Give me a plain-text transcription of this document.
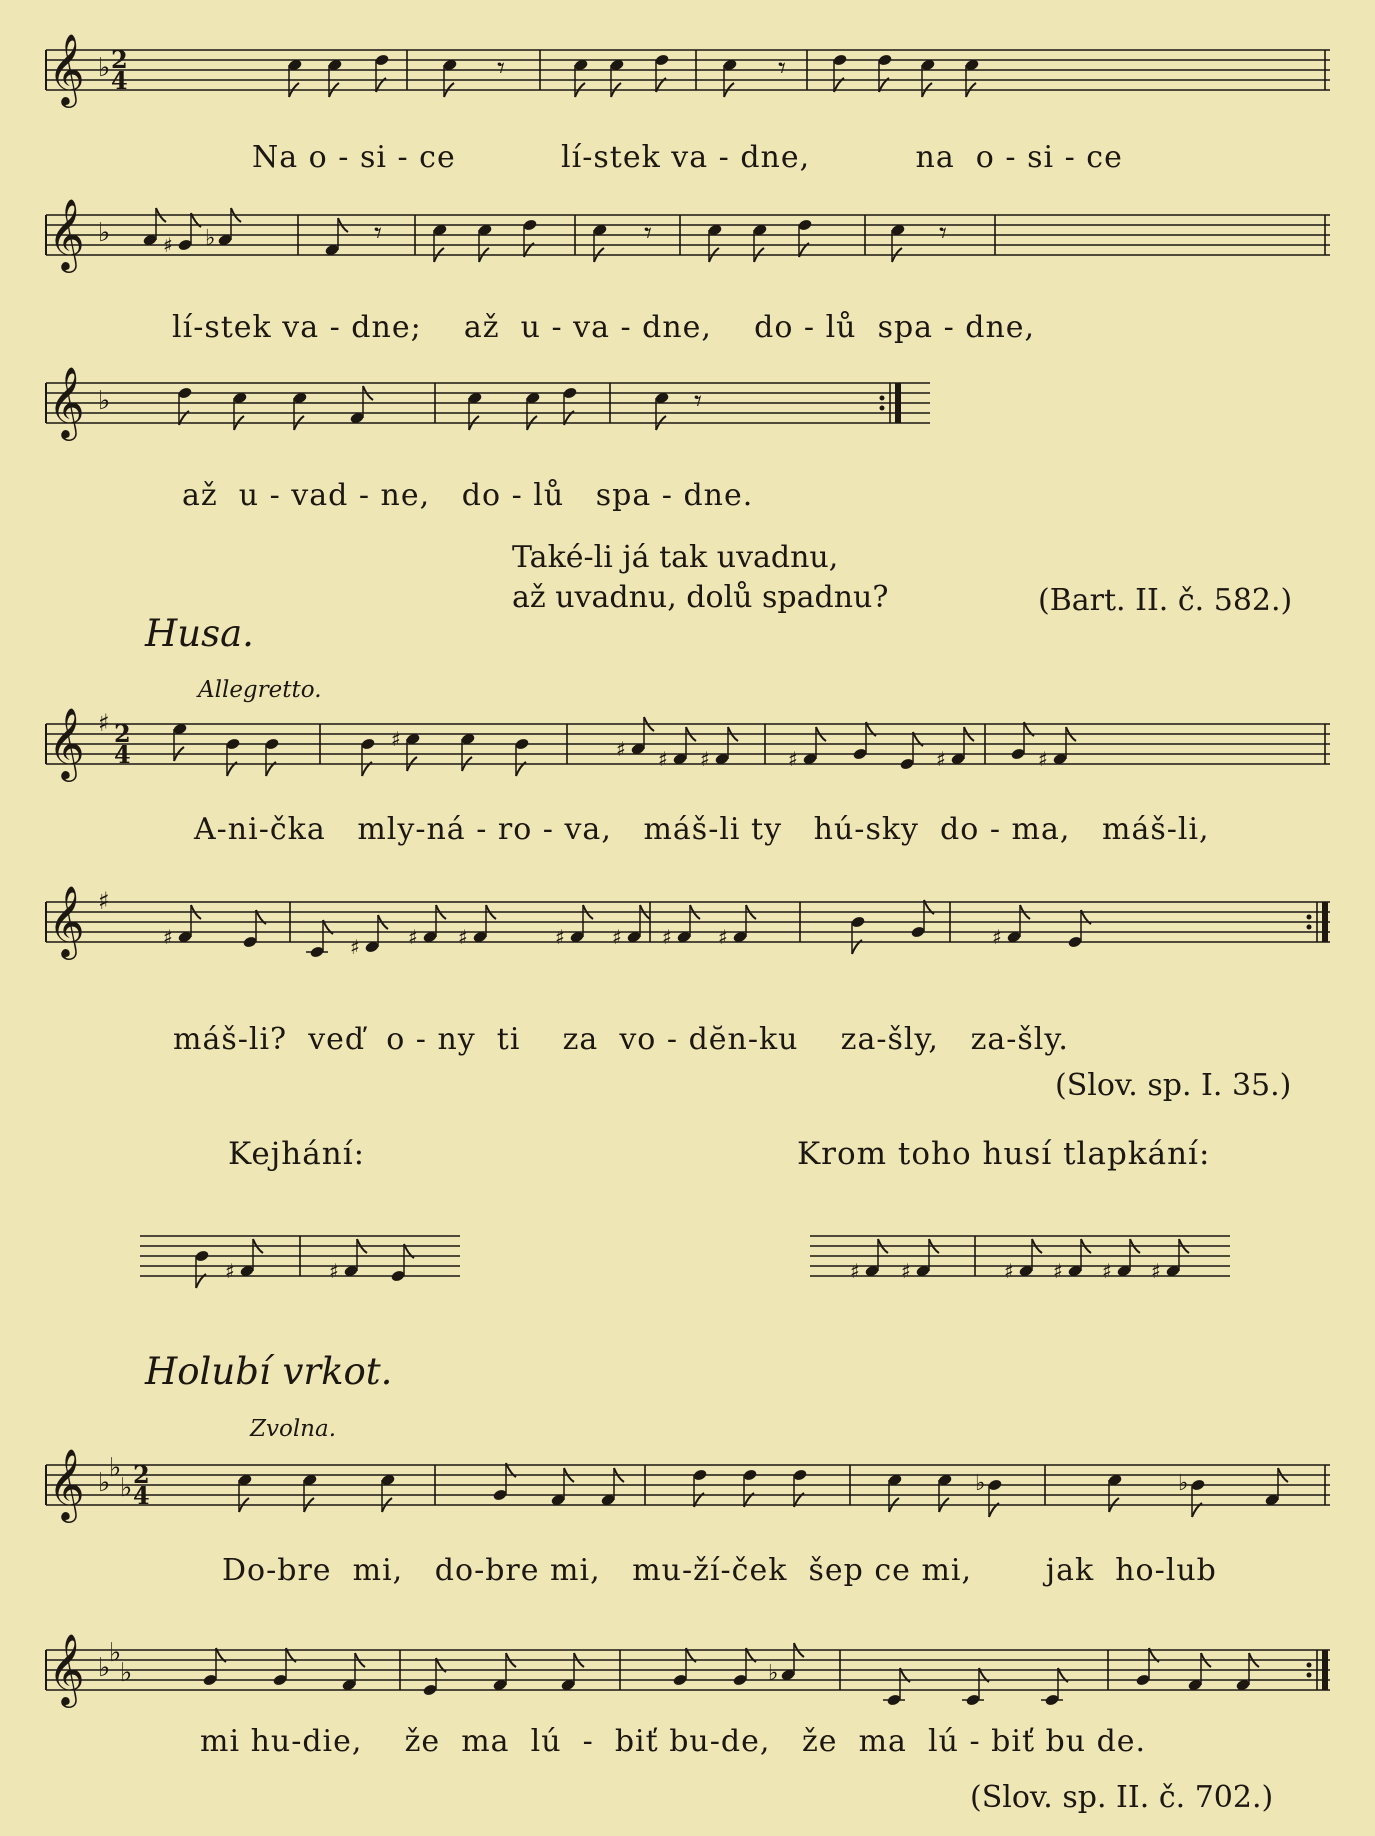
𝄞 ♭ 2
4	𝄾	𝄾
Na o - si - ce          lí-stek va - dne,          na  o - si - ce
𝄞 ♭	♯ ♭	𝄾	𝄾	𝄾
lí-stek va - dne;    až  u - va - dne,    do - lů  spa - dne,
𝄞 ♭	𝄾
až  u - vad - ne,   do - lů   spa - dne.
Také-li já tak uvadnu,
až uvadnu, dolů spadnu?	(Bart. II. č. 582.)
Husa.
Allegretto.
𝄞 ♯ 2
4
♯	♯ ♯ ♯	♯	♯	♯
A-ni-čka   mly-ná - ro - va,   máš-li ty   hú-sky  do - ma,   máš-li,
𝄞 ♯
♯	♯ ♯ ♯	♯ ♯ ♯ ♯	♯
máš-li?  veď  o - ny  ti    za  vo - dĕn-ku    za-šly,   za-šly.
(Slov. sp. I. 35.)
Kejhání:	Krom toho husí tlapkání:
♯	♯	♯ ♯	♯ ♯ ♯ ♯
Holubí vrkot.
Zvolna.
𝄞 ♭
♭
♭ 2
4	♭	♭
Do-bre  mi,   do-bre mi,   mu-ží-ček  šep ce mi,       jak  ho-lub
𝄞 ♭
♭
♭	♭
mi hu-die,    že  ma  lú  -  biť bu-de,   že  ma  lú - biť bu de.
(Slov. sp. II. č. 702.)
